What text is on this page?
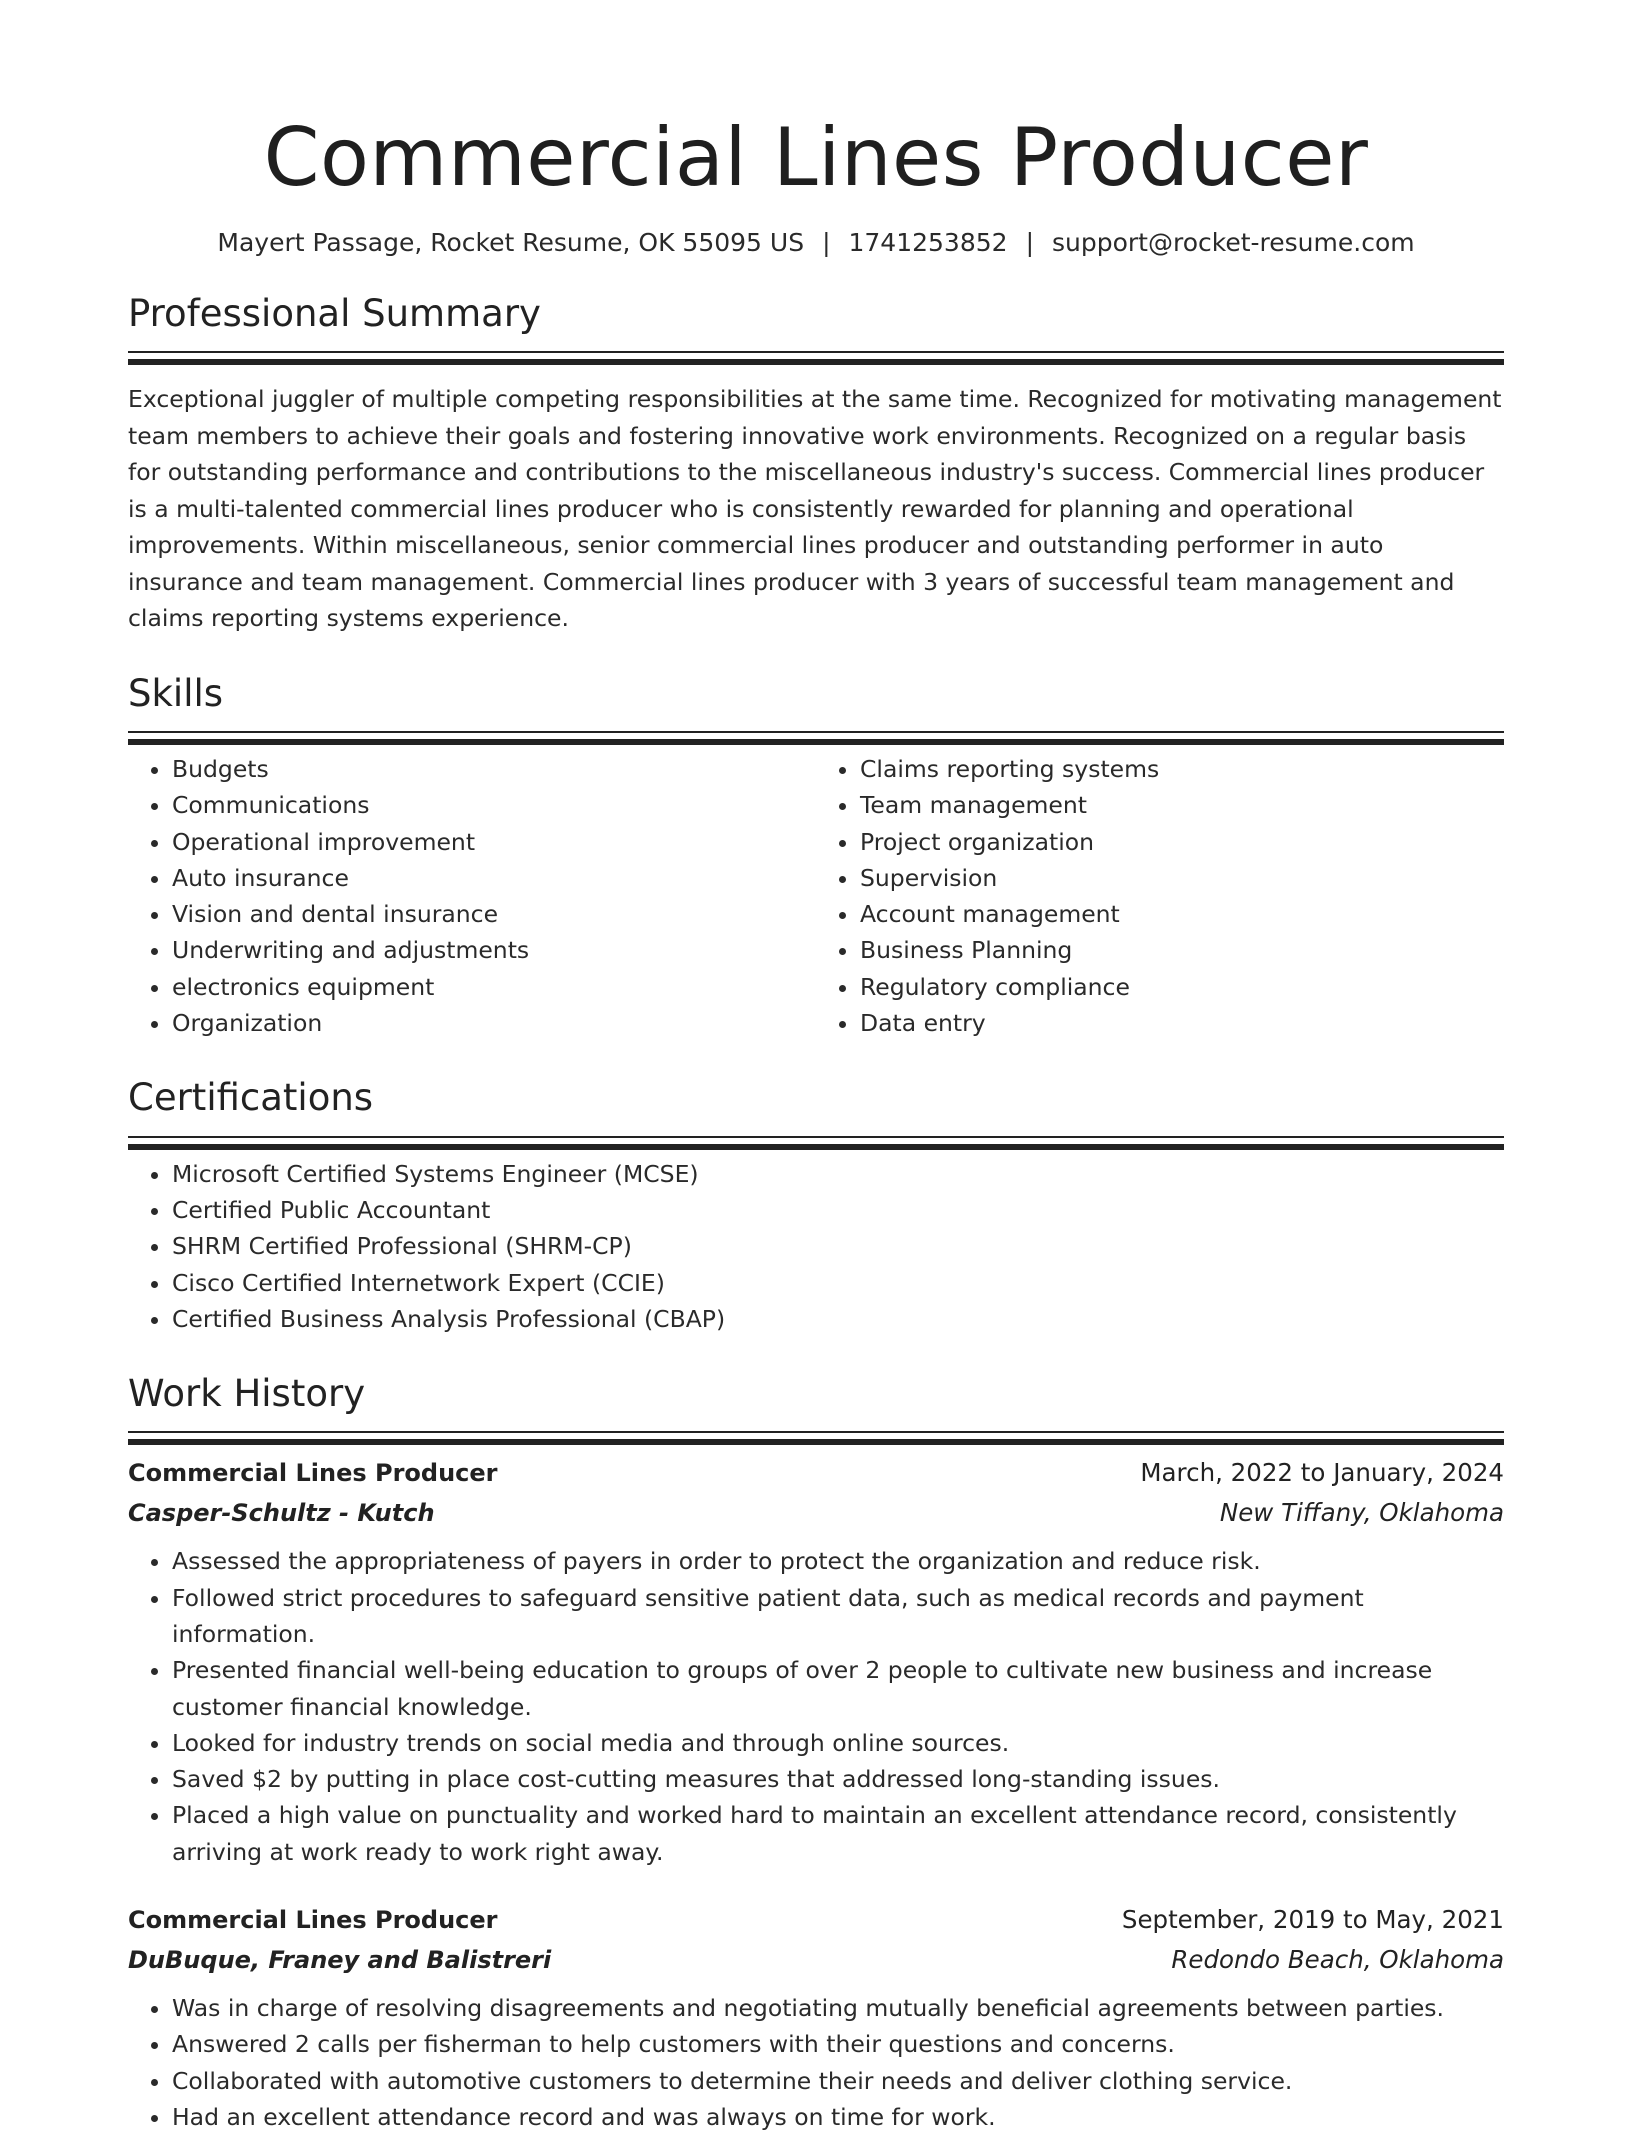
Commercial Lines Producer
Mayert Passage, Rocket Resume, OK 55095 US | 1741253852 | support@rocket-resume.com
Professional Summary
Exceptional juggler of multiple competing responsibilities at the same time. Recognized for motivating management team members to achieve their goals and fostering innovative work environments. Recognized on a regular basis for outstanding performance and contributions to the miscellaneous industry's success. Commercial lines producer is a multi-talented commercial lines producer who is consistently rewarded for planning and operational improvements. Within miscellaneous, senior commercial lines producer and outstanding performer in auto insurance and team management. Commercial lines producer with 3 years of successful team management and claims reporting systems experience.
Skills
• Budgets
• Communications
• Operational improvement
• Auto insurance
• Vision and dental insurance
• Underwriting and adjustments
• electronics equipment
• Organization
• Claims reporting systems
• Team management
• Project organization
• Supervision
• Account management
• Business Planning
• Regulatory compliance
• Data entry
Certifications
• Microsoft Certified Systems Engineer (MCSE)
• Certified Public Accountant
• SHRM Certified Professional (SHRM-CP)
• Cisco Certified Internetwork Expert (CCIE)
• Certified Business Analysis Professional (CBAP)
Work History
Commercial Lines Producer	March, 2022 to January, 2024
Casper-Schultz - Kutch	New Tiffany, Oklahoma
• Assessed the appropriateness of payers in order to protect the organization and reduce risk.
• Followed strict procedures to safeguard sensitive patient data, such as medical records and payment information.
• Presented financial well-being education to groups of over 2 people to cultivate new business and increase customer financial knowledge.
• Looked for industry trends on social media and through online sources.
• Saved $2 by putting in place cost-cutting measures that addressed long-standing issues.
• Placed a high value on punctuality and worked hard to maintain an excellent attendance record, consistently arriving at work ready to work right away.
Commercial Lines Producer	September, 2019 to May, 2021
DuBuque, Franey and Balistreri	Redondo Beach, Oklahoma
• Was in charge of resolving disagreements and negotiating mutually beneficial agreements between parties.
• Answered 2 calls per fisherman to help customers with their questions and concerns.
• Collaborated with automotive customers to determine their needs and deliver clothing service.
• Had an excellent attendance record and was always on time for work.
